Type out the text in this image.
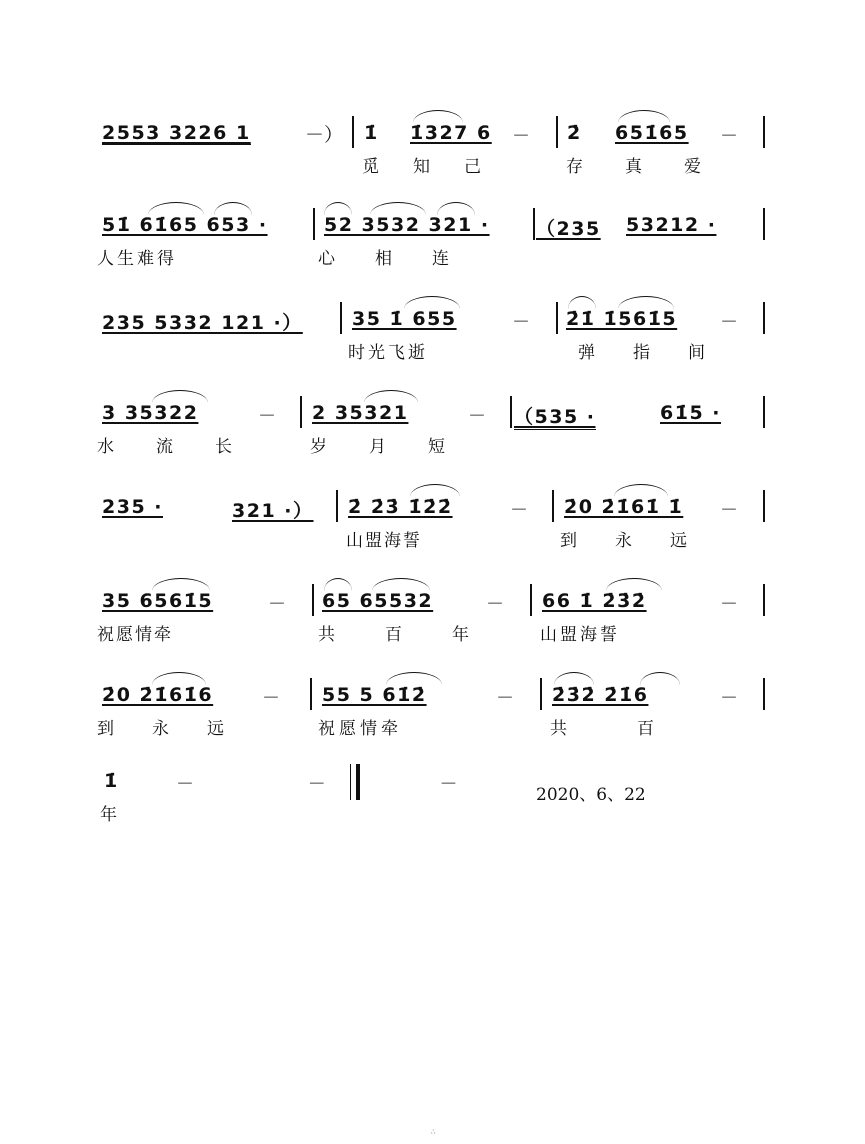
2553 3226 1	－） 1̇ 1̇327 6 － 2̇ 651̇65 －
觅知己	存真爱
51̇ 61̇65 653 ·	52 3532 321 · （235 53212 ·
人生难得	心相连
235 5332 121 ·）	35 1̇ 655	－ 2̇1̇ 1̇561̇5 －
时光飞逝	弹指间
3 35322	－ 2 35321	－ （535 ·	61̇5 ·
水流长 岁月短
235 ·	321 ·） 2̇ 2̇3̇ 1̇2̇2̇	－ 2̇0 2̇1̇61̇ 1̇ －
山盟海誓	到永远
35 6561̇5	－ 65 65532	－ 66 1̇ 2̇3̇2̇	－
祝愿情牵	共百年 山盟海誓
2̇0 2̇1̇61̇6	－ 55 5 61̇2̇	－ 2̇3̇2̇ 2̇1̇6	－
到永远	祝愿情牵	共百
1̇	－ － －
年
2020、6、22
∴
